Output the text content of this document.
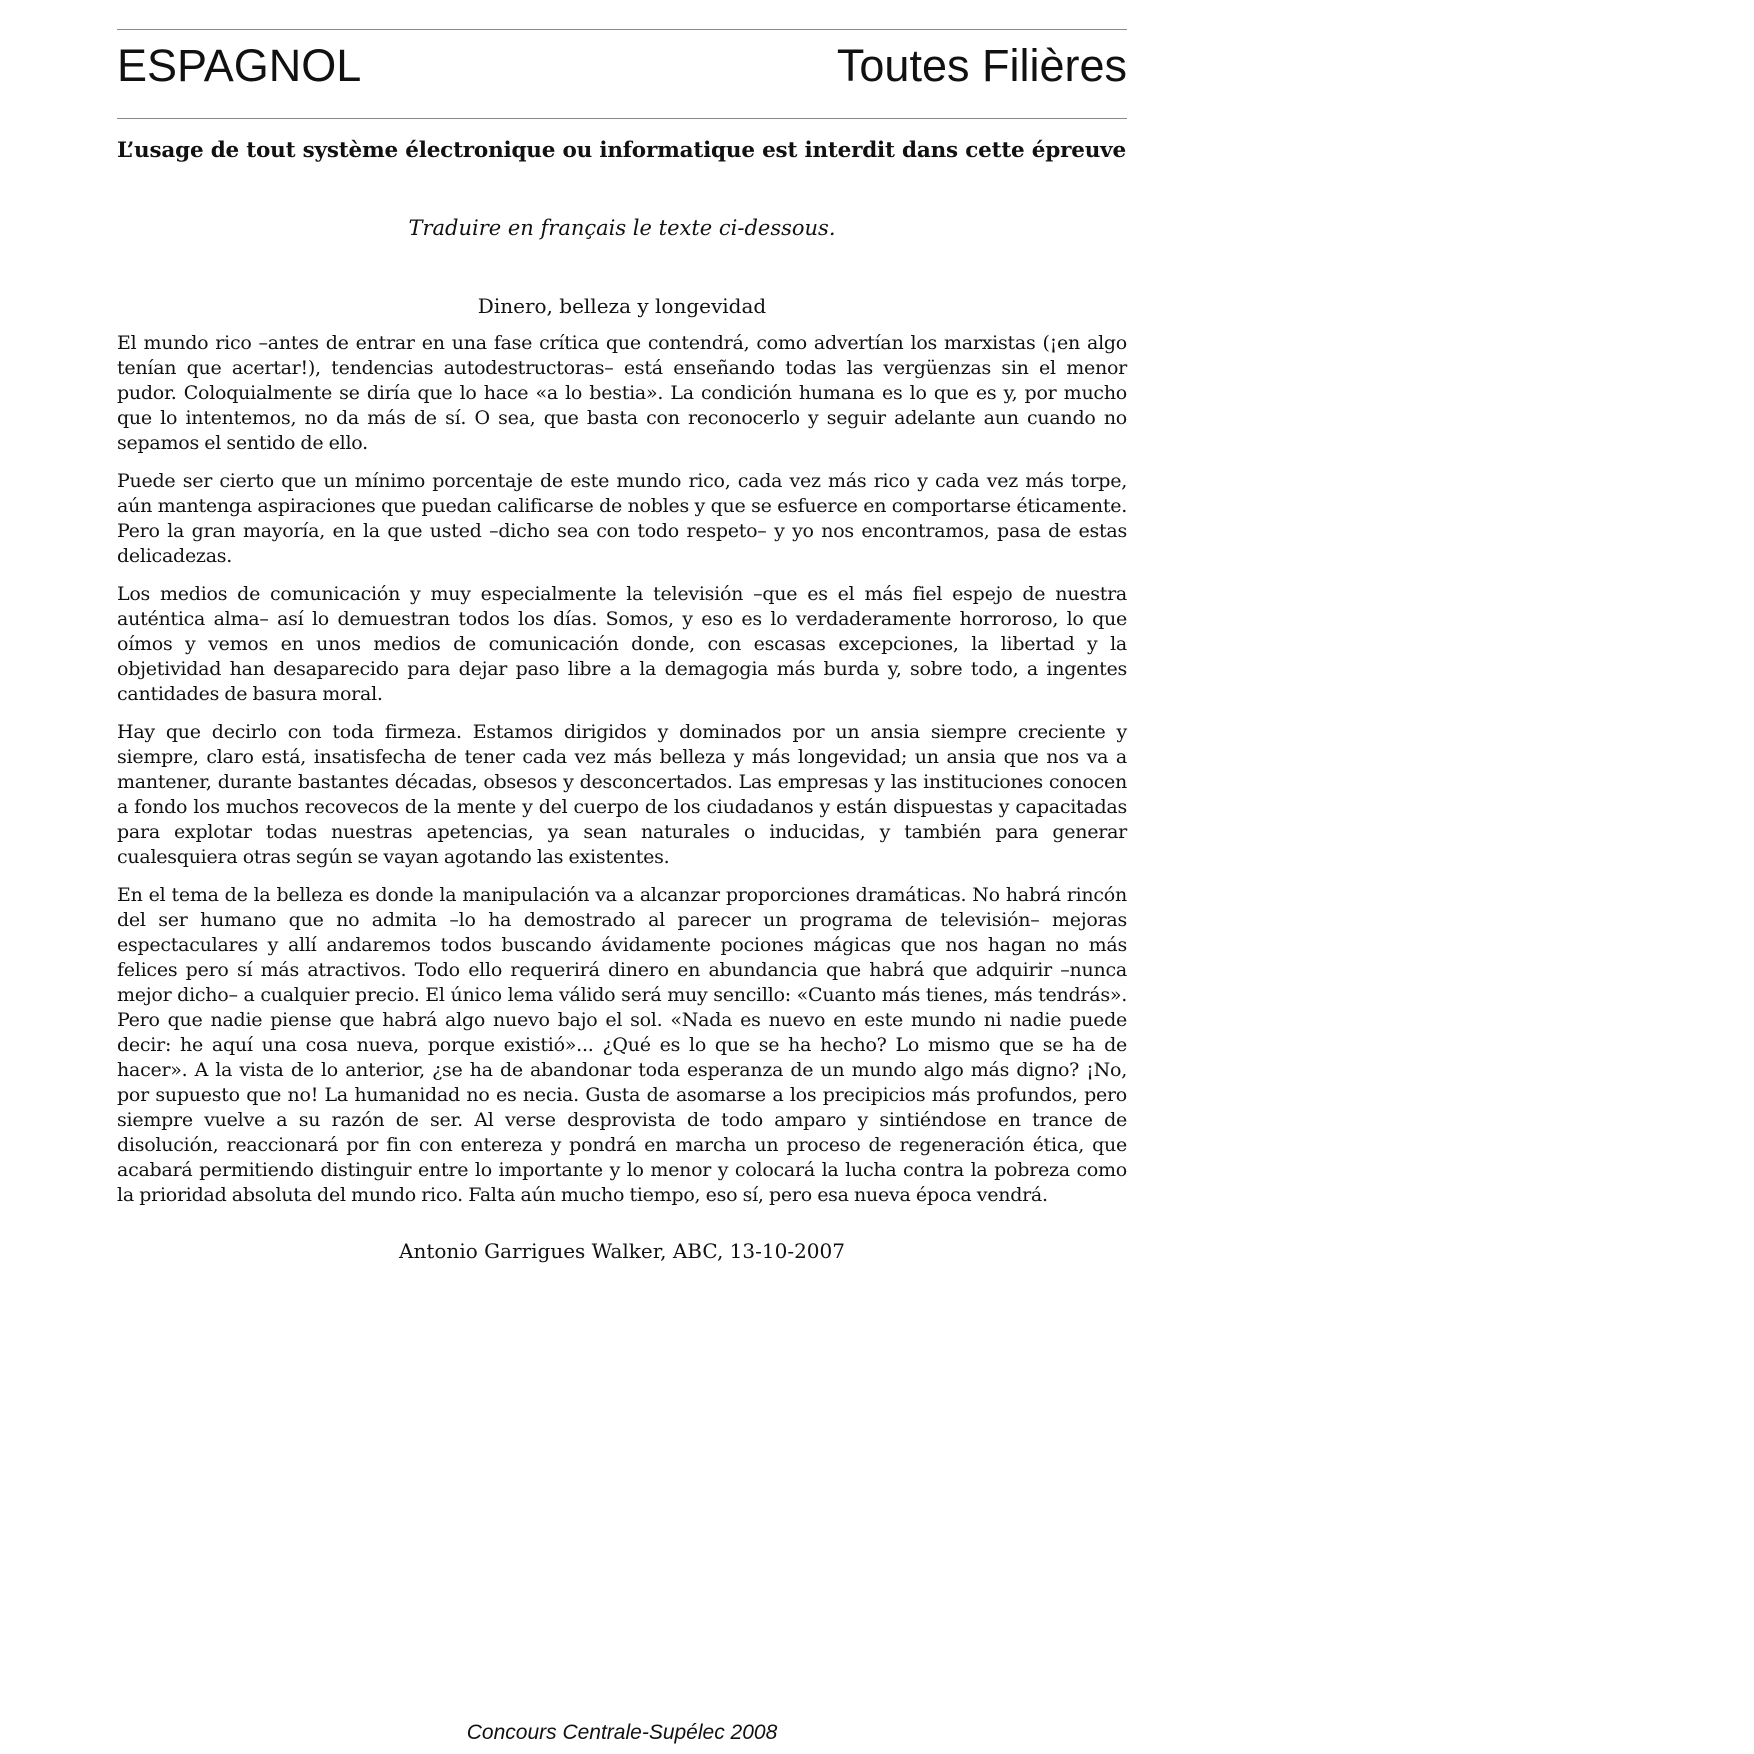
ESPAGNOL	Toutes Filières
L’usage de tout système électronique ou informatique est interdit dans cette épreuve
Traduire en français le texte ci-dessous.
Dinero, belleza y longevidad

El mundo rico –antes de entrar en una fase crítica que contendrá, como advertían los marxistas (¡en algo tenían que acertar!), tendencias autodestructoras– está enseñando todas las vergüenzas sin el menor pudor. Coloquialmente se diría que lo hace «a lo bestia». La condición humana es lo que es y, por mucho que lo intentemos, no da más de sí. O sea, que basta con reconocerlo y seguir adelante aun cuando no sepamos el sentido de ello.

Puede ser cierto que un mínimo porcentaje de este mundo rico, cada vez más rico y cada vez más torpe, aún mantenga aspiraciones que puedan calificarse de nobles y que se esfuerce en comportarse éticamente. Pero la gran mayoría, en la que usted –dicho sea con todo respeto– y yo nos encontramos, pasa de estas delicadezas.

Los medios de comunicación y muy especialmente la televisión –que es el más fiel espejo de nuestra auténtica alma– así lo demuestran todos los días. Somos, y eso es lo verdaderamente horroroso, lo que oímos y vemos en unos medios de comunicación donde, con escasas excepciones, la libertad y la objetividad han desaparecido para dejar paso libre a la demagogia más burda y, sobre todo, a ingentes cantidades de basura moral.

Hay que decirlo con toda firmeza. Estamos dirigidos y dominados por un ansia siempre creciente y siempre, claro está, insatisfecha de tener cada vez más belleza y más longevidad; un ansia que nos va a mantener, durante bastantes décadas, obsesos y desconcertados. Las empresas y las instituciones conocen a fondo los muchos recovecos de la mente y del cuerpo de los ciudadanos y están dispuestas y capacitadas para explotar todas nuestras apetencias, ya sean naturales o inducidas, y también para generar cualesquiera otras según se vayan agotando las existentes.

En el tema de la belleza es donde la manipulación va a alcanzar proporciones dramáticas. No habrá rincón del ser humano que no admita –lo ha demostrado al parecer un programa de televisión– mejoras espectaculares y allí andaremos todos buscando ávidamente pociones mágicas que nos hagan no más felices pero sí más atractivos. Todo ello requerirá dinero en abundancia que habrá que adquirir –nunca mejor dicho– a cualquier precio. El único lema válido será muy sencillo: «Cuanto más tienes, más tendrás». Pero que nadie piense que habrá algo nuevo bajo el sol. «Nada es nuevo en este mundo ni nadie puede decir: he aquí una cosa nueva, porque existió»... ¿Qué es lo que se ha hecho? Lo mismo que se ha de hacer». A la vista de lo anterior, ¿se ha de abandonar toda esperanza de un mundo algo más digno? ¡No, por supuesto que no! La humanidad no es necia. Gusta de asomarse a los precipicios más profundos, pero siempre vuelve a su razón de ser. Al verse desprovista de todo amparo y sintiéndose en trance de disolución, reaccionará por fin con entereza y pondrá en marcha un proceso de regeneración ética, que acabará permitiendo distinguir entre lo importante y lo menor y colocará la lucha contra la pobreza como la prioridad absoluta del mundo rico. Falta aún mucho tiempo, eso sí, pero esa nueva época vendrá.

Antonio Garrigues Walker, ABC, 13-10-2007
Concours Centrale-Supélec 2008
